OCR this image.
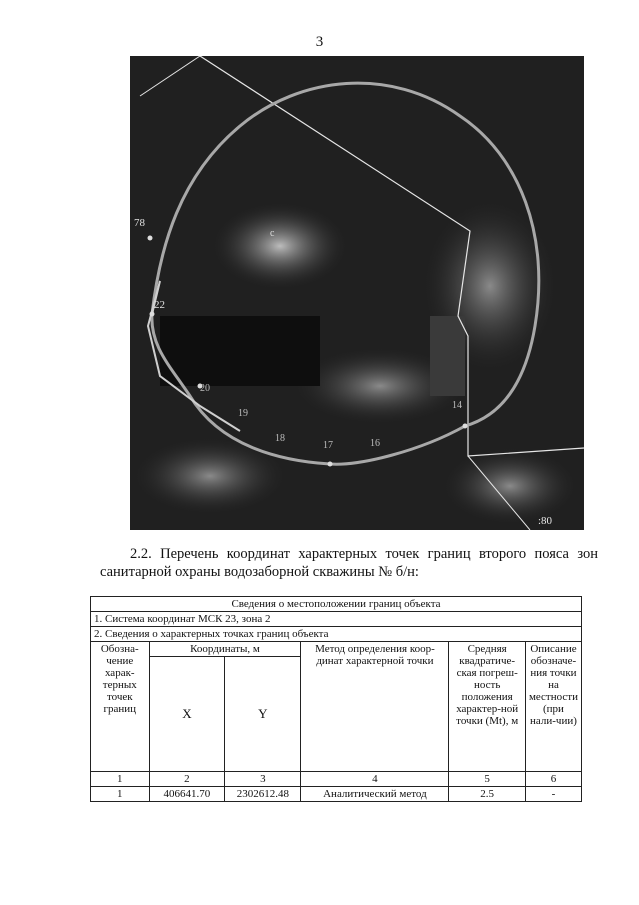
3
78
22
20
19
18
17	16
14
с
:80

2.2. Перечень координат характерных точек границ второго пояса зон санитарной охраны водозаборной скважины № б/н:

Сведения о местоположении границ объекта					
1. Система координат МСК 23, зона 2					
2. Сведения о характерных точках границ объекта					
Обозна-чение харак-терных точек границ	Координаты, м		Метод определения коор-динат характерной точки	Средняя квадратиче-ская погреш-ность положения характер-ной точки (Mt), м	Описание обозначе-ния точки на местности (при нали-чии)
	X	Y			
1	2	3	4	5	6
1	406641.70	2302612.48	Аналитический метод	2.5	-
